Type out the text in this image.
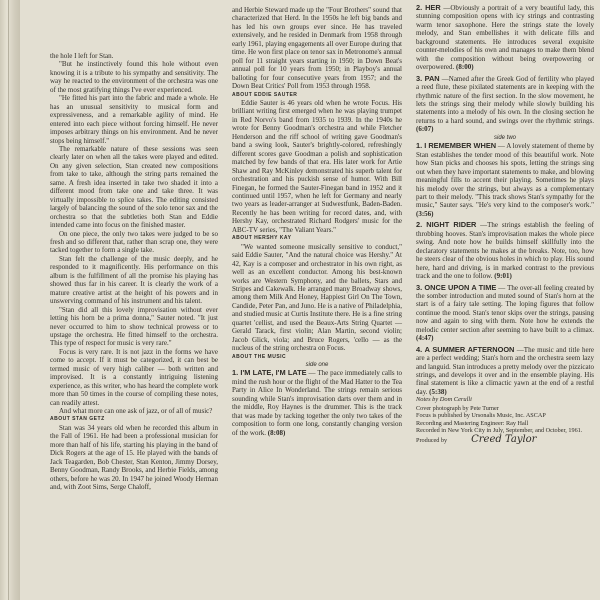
the hole I left for Stan.

"But he instinctively found this hole without even knowing it is a tribute to his sympathy and sensitivity. The way he reacted to the environment of the orchestra was one of the most gratifying things I've ever experienced.

"He fitted his part into the fabric and made a whole. He has an unusual sensitivity to musical form and expressiveness, and a remarkable agility of mind. He entered into each piece without forcing himself. He never imposes arbitrary things on his environment. And he never stops being himself."

The remarkable nature of these sessions was seen clearly later on when all the takes were played and edited. On any given selection, Stan created new compositions from take to take, although the string parts remained the same. A fresh idea inserted in take two shaded it into a different mood from take one and take three. It was virtually impossible to splice takes. The editing consisted largely of balancing the sound of the solo tenor sax and the orchestra so that the subtleties both Stan and Eddie intended came into focus on the finished master.

On one piece, the only two takes were judged to be so fresh and so different that, rather than scrap one, they were tacked together to form a single take.

Stan felt the challenge of the music deeply, and he responded to it magnificently. His performance on this album is the fulfillment of all the promise his playing has showed thus far in his career. It is clearly the work of a mature creative artist at the height of his powers and in unswerving command of his instrument and his talent.

"Stan did all this lovely improvisation without ever letting his horn be a prima donna," Sauter noted. "It just never occurred to him to show technical prowess or to upstage the orchestra. He fitted himself to the orchestra. This type of respect for music is very rare."

Focus is very rare. It is not jazz in the forms we have come to accept. If it must be categorized, it can best be termed music of very high caliber — both written and improvised. It is a constantly intriguing listening experience, as this writer, who has heard the complete work more than 50 times in the course of compiling these notes, can readily attest.

And what more can one ask of jazz, or of all of music?

ABOUT STAN GETZ

Stan was 34 years old when he recorded this album in the Fall of 1961. He had been a professional musician for more than half of his life, starting his playing in the band of Dick Rogers at the age of 15. He played with the bands of Jack Teagarden, Bob Chester, Stan Kenton, Jimmy Dorsey, Benny Goodman, Randy Brooks, and Herbie Fields, among others, before he was 20. In 1947 he joined Woody Herman and, with Zoot Sims, Serge Chaloff,

and Herbie Steward made up the "Four Brothers" sound that characterized that Herd. In the 1950s he left big bands and has led his own groups ever since. He has traveled extensively, and he resided in Denmark from 1958 through early 1961, playing engagements all over Europe during that time. He won first place on tenor sax in Metronome's annual poll for 11 straight years starting in 1950; in Down Beat's annual poll for 10 years from 1950; in Playboy's annual balloting for four consecutive years from 1957; and the Down Beat Critics' Poll from 1953 through 1958.

ABOUT EDDIE SAUTER

Eddie Sauter is 46 years old when he wrote Focus. His brilliant writing first emerged when he was playing trumpet in Red Norvo's band from 1935 to 1939. In the 1940s he wrote for Benny Goodman's orchestra and while Fletcher Henderson and the riff school of writing gave Goodman's band a swing look, Sauter's brightly-colored, refreshingly different scores gave Goodman a polish and sophistication matched by few bands of that era. His later work for Artie Shaw and Ray McKinley demonstrated his superb talent for orchestration and his puckish sense of humor. With Bill Finegan, he formed the Sauter-Finegan band in 1952 and it continued until 1957, when he left for Germany and nearly two years as leader-arranger at Sudwestfunk, Baden-Baden. Recently he has been writing for record dates, and, with Hershy Kay, orchestrated Richard Rodgers' music for the ABC-TV series, "The Valiant Years."

ABOUT HERSHY KAY

"We wanted someone musically sensitive to conduct," said Eddie Sauter, "And the natural choice was Hershy." At 42, Kay is a composer and orchestrator in his own right, as well as an excellent conductor. Among his best-known works are Western Symphony, and the ballets, Stars and Stripes and Cakewalk. He arranged many Broadway shows, among them Milk And Honey, Happiest Girl On The Town, Candide, Peter Pan, and Juno. He is a native of Philadelphia, and studied music at Curtis Institute there. He is a fine string quartet 'cellist, and used the Beaux-Arts String Quartet — Gerald Tarack, first violin; Alan Martin, second violin; Jacob Glick, viola; and Bruce Rogers, 'cello — as the nucleus of the string orchestra on Focus.

ABOUT THE MUSIC

side one

1. I'M LATE, I'M LATE — The pace immediately calls to mind the rush hour or the flight of the Mad Hatter to the Tea Party in Alice In Wonderland. The strings remain serious sounding while Stan's improvisation darts over them and in the middle, Roy Haynes is the drummer. This is the track that was made by tacking together the only two takes of the composition to form one long, constantly changing version of the work. (8:08)

2. HER —Obviously a portrait of a very beautiful lady, this stunning composition opens with icy strings and contrasting warm tenor saxophone. Here the strings state the lovely melody, and Stan embellishes it with delicate fills and background statements. He introduces several exquisite counter-melodies of his own and manages to make them blend with the composition without being overpowering or overpowered. (8:00)

3. PAN —Named after the Greek God of fertility who played a reed flute, these pixilated statements are in keeping with the rhythmic nature of the first section. In the slow movement, he lets the strings sing their melody while slowly building his statements into a melody of his own. In the closing section he returns to a hard sound, and swings over the rhythmic strings. (6:07)

side two

1. I REMEMBER WHEN — A lovely statement of theme by Stan establishes the tender mood of this beautiful work. Note how Stan picks and chooses his spots, letting the strings sing out when they have important statements to make, and blowing meaningful fills to accent their playing. Sometimes he plays his melody over the strings, but always as a complementary part to their melody. "This track shows Stan's sympathy for the music," Sauter says. "He's very kind to the composer's work." (3:56)

2. NIGHT RIDER —The strings establish the feeling of throbbing hooves. Stan's improvisation makes the whole piece swing. And note how he builds himself skillfully into the declaratory statements he makes at the breaks. Note, too, how he steers clear of the obvious holes in which to play. His sound here, hard and driving, is in marked contrast to the previous track and the one to follow. (9:01)

3. ONCE UPON A TIME — The over-all feeling created by the somber introduction and muted sound of Stan's horn at the start is of a fairy tale setting. The loping figures that follow continue the mood. Stan's tenor skips over the strings, pausing now and again to sing with them. Note how he extends the melodic center section after seeming to have built to a climax. (4:47)

4. A SUMMER AFTERNOON —The music and title here are a perfect wedding; Stan's horn and the orchestra seem lazy and languid. Stan introduces a pretty melody over the pizzicato strings, and develops it over and in the ensemble playing. His final statement is like a climactic yawn at the end of a restful day. (5:38)

Notes by Dom Cerulli

Cover photograph by Pete Turner

Focus is published by Ursonalis Music, Inc. ASCAP

Recording and Mastering Engineer: Ray Hall

Recorded in New York City in July, September, and October, 1961.

Produced by Creed Taylor
